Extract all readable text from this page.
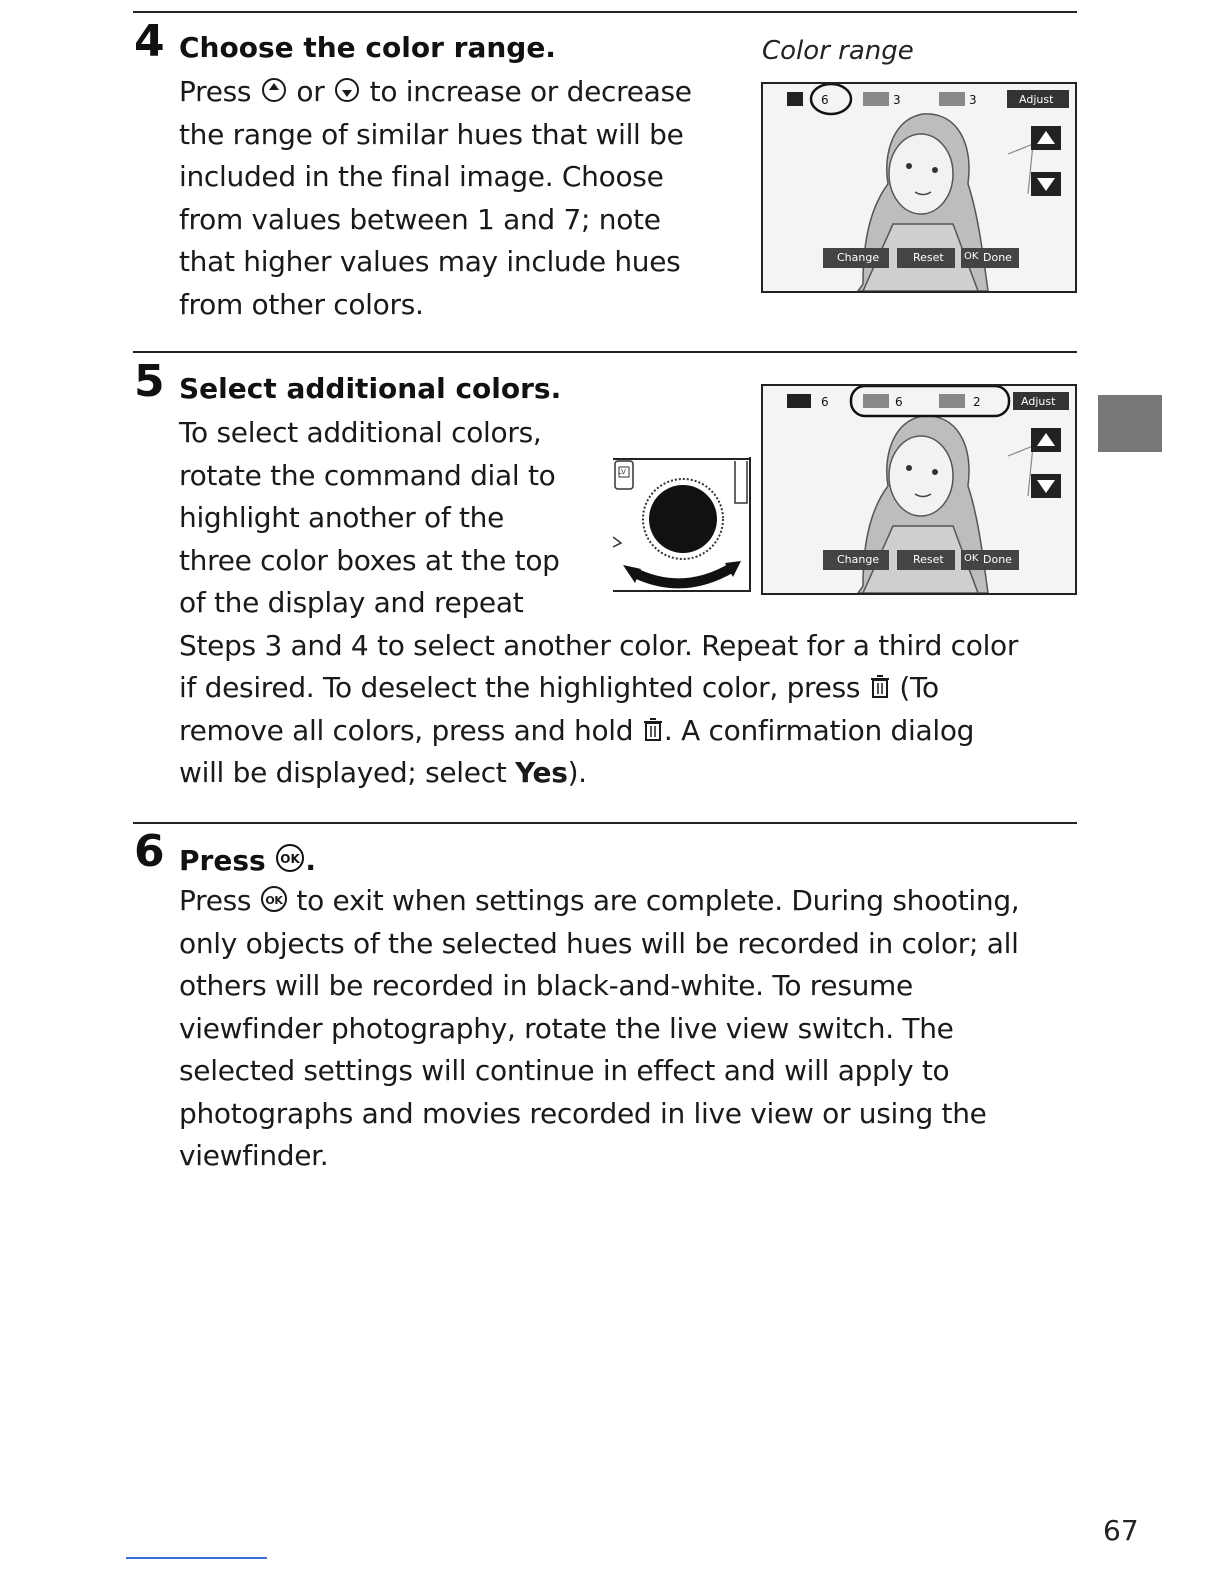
4 Choose the color range.	Color range
Press  or  to increase or decrease
the range of similar hues that will be
included in the final image. Choose
from values between 1 and 7; note
that higher values may include hues
from other colors.
6	3	3	Adjust
Change	Reset OK Done
5 Select additional colors.
To select additional colors,
rotate the command dial to
highlight another of the
three color boxes at the top
of the display and repeat
Steps 3 and 4 to select another color. Repeat for a third color
if desired. To deselect the highlighted color, press  (To
remove all colors, press and hold . A confirmation dialog
will be displayed; select Yes).
LV
6	6	2	Adjust
Change	Reset OK Done
6 Press OK .
Press OK to exit when settings are complete. During shooting,
only objects of the selected hues will be recorded in color; all
others will be recorded in black-and-white. To resume
viewfinder photography, rotate the live view switch. The
selected settings will continue in effect and will apply to
photographs and movies recorded in live view or using the
viewfinder.
67
